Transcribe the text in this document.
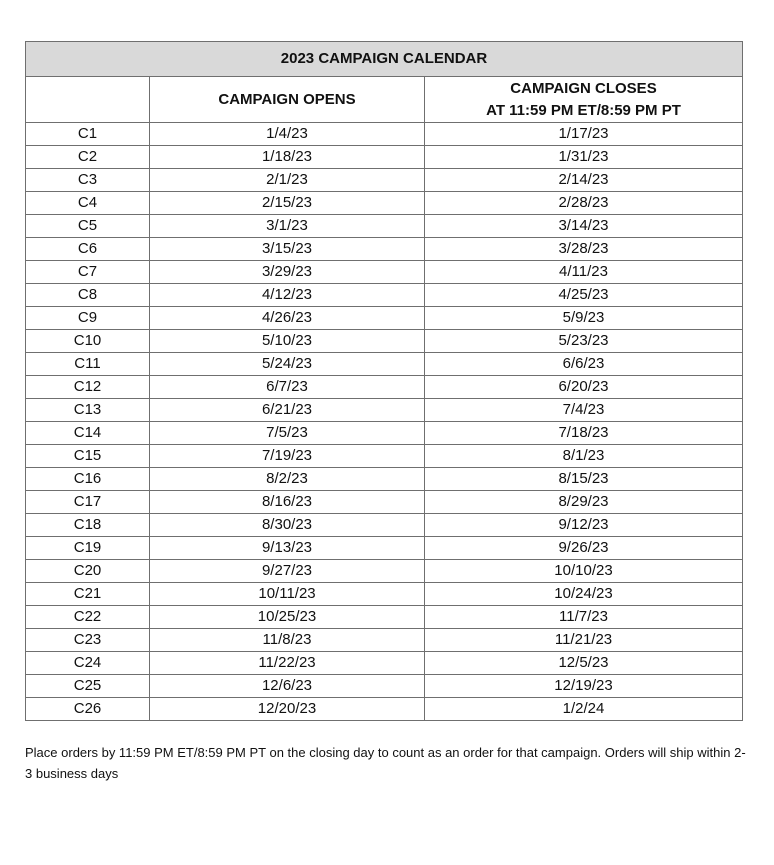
2023 CAMPAIGN CALENDAR		
	CAMPAIGN OPENS	CAMPAIGN CLOSES
AT 11:59 PM ET/8:59 PM PT

C1	1/4/23	1/17/23
C2	1/18/23	1/31/23
C3	2/1/23	2/14/23
C4	2/15/23	2/28/23
C5	3/1/23	3/14/23
C6	3/15/23	3/28/23
C7	3/29/23	4/11/23
C8	4/12/23	4/25/23
C9	4/26/23	5/9/23
C10	5/10/23	5/23/23
C11	5/24/23	6/6/23
C12	6/7/23	6/20/23
C13	6/21/23	7/4/23
C14	7/5/23	7/18/23
C15	7/19/23	8/1/23
C16	8/2/23	8/15/23
C17	8/16/23	8/29/23
C18	8/30/23	9/12/23
C19	9/13/23	9/26/23
C20	9/27/23	10/10/23
C21	10/11/23	10/24/23
C22	10/25/23	11/7/23
C23	11/8/23	11/21/23
C24	11/22/23	12/5/23
C25	12/6/23	12/19/23
C26	12/20/23	1/2/24
Place orders by 11:59 PM ET/8:59 PM PT on the closing day to count as an order for that campaign. Orders will ship within 2-3 business days
